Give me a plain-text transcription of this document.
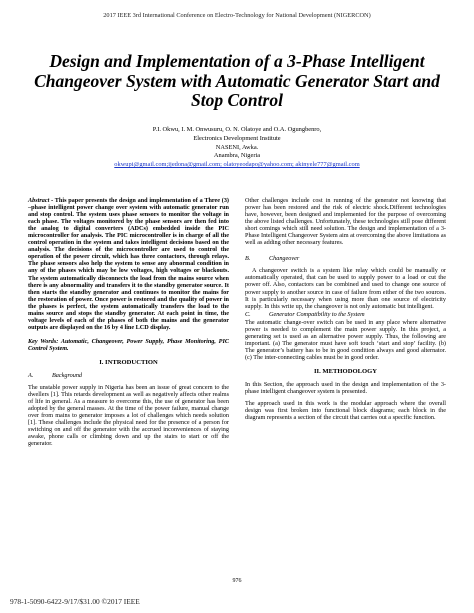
2017 IEEE 3rd International Conference on Electro-Technology for National Development (NIGERCON)
Design and Implementation of a 3-Phase Intelligent Changeover System with Automatic Generator Start and Stop Control
P.I. Okwu, I. M. Onwusuru, O. N. Olatoye and O.A. Ogungbenro,
Electronics Development Institute
NASENI, Awka.
Anambra, Nigeria
okwupi@gmail.com;ijedona@gmail.com; olatoyeodapo@yahoo.com; akinyele777@gmail.com

Abstract - This paper presents the design and implementation of a Three (3) –phase intelligent power change over system with automatic generator run and stop control. The system uses phase sensors to monitor the voltage in each phase. The voltages monitored by the phase sensors are then fed into the analog to digital converters (ADCs) embedded inside the PIC microcontroller for analysis. The PIC microcontroller is in charge of all the control operation in the system and takes intelligent decisions based on the analysis. The decisions of the microcontroller are used to control the operation of the power circuit, which has three contactors, through relays. The phase sensors also help the system to sense any abnormal condition in any of the phases which may be low voltages, high voltages or blackouts. The system automatically disconnects the load from the mains source when there is any abnormality and transfers it to the standby generator source. It then starts the standby generator and continues to monitor the mains for the restoration of power. Once power is restored and the quality of power in the phases is perfect, the system automatically transfers the load to the mains source and stops the standby generator. At each point in time, the voltage levels of each of the phases of both the mains and the generator outputs are displayed on the 16 by 4 line LCD display.

Key Words: Automatic, Changeover, Power Supply, Phase Monitoring, PIC Control System.

I. INTRODUCTION

A.	Background

The unstable power supply in Nigeria has been an issue of great concern to the dwellers [1]. This retards development as well as negatively affects other realms of life in general. As a measure to overcome this, the use of generator has been adopted by the general masses. At the time of the power failure, manual change over from mains to generator imposes a lot of challenges which needs solution [1]. These challenges include the physical need for the presence of a person for switching on and off the generator with the accrued inconveniences of staying awake, phone calls or climbing down and up the stairs to start or off the generator.

Other challenges include cost in running of the generator not knowing that power has been restored and the risk of electric shock.Different technologies have, however, been designed and implemented for the purpose of overcoming the above listed challenges. Unfortunately, these technologies still pose different short comings which still need solution. The design and implementation of a 3-Phase Intelligent Changeover System aim at overcoming the above limitations as well as adding other necessary features.

B.	Changeover

A changeover switch is a system like relay which could be manually or automatically operated, that can be used to supply power to a load or cut the power off. Also, contactors can be combined and used to change one source of power supply to another source in case of failure from either of the two sources. It is particularly necessary when using more than one source of electricity supply. In this write up, the changeover is not only automatic but intelligent.

C.	Generator Compatibility to the System

The automatic change-over switch can be used in any place where alternative power is needed to complement the main power supply. In this project, a generating set is used as an alternative power supply. Thus, the following are important. (a) The generator must have soft touch ‘start and stop’ facility. (b) The generator’s battery has to be in good condition always and good alternator. (c) The inter-connecting cables must be in good order.

II. METHODOLOGY

In this Section, the approach used in the design and implementation of the 3-phase intelligent changeover system is presented.

The approach used in this work is the modular approach where the overall design was first broken into functional block diagrams; each block in the diagram represents a section of the circuit that carries out a specific function.

976
978-1-5090-6422-9/17/$31.00 ©2017 IEEE
